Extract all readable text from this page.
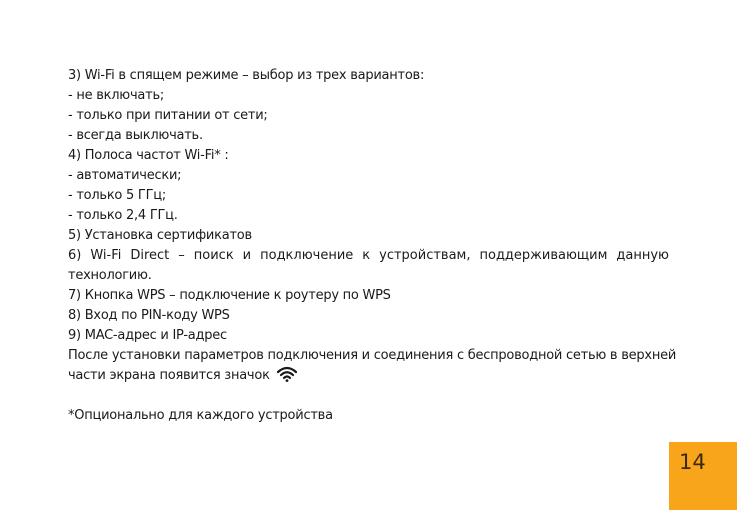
3) Wi-Fi в спящем режиме – выбор из трех вариантов:
- не включать;
- только при питании от сети;
- всегда выключать.
4) Полоса частот Wi-Fi* :
- автоматически;
- только 5 ГГц;
- только 2,4 ГГц.
5) Установка сертификатов
6) Wi-Fi Direct – поиск и подключение к устройствам, поддерживающим данную
технологию.
7) Кнопка WPS – подключение к роутеру по WPS
8) Вход по PIN-коду WPS
9) MAC-адрес и IP-адрес
После установки параметров подключения и соединения с беспроводной сетью в верхней
части экрана появится значок
*Опционально для каждого устройства
14
